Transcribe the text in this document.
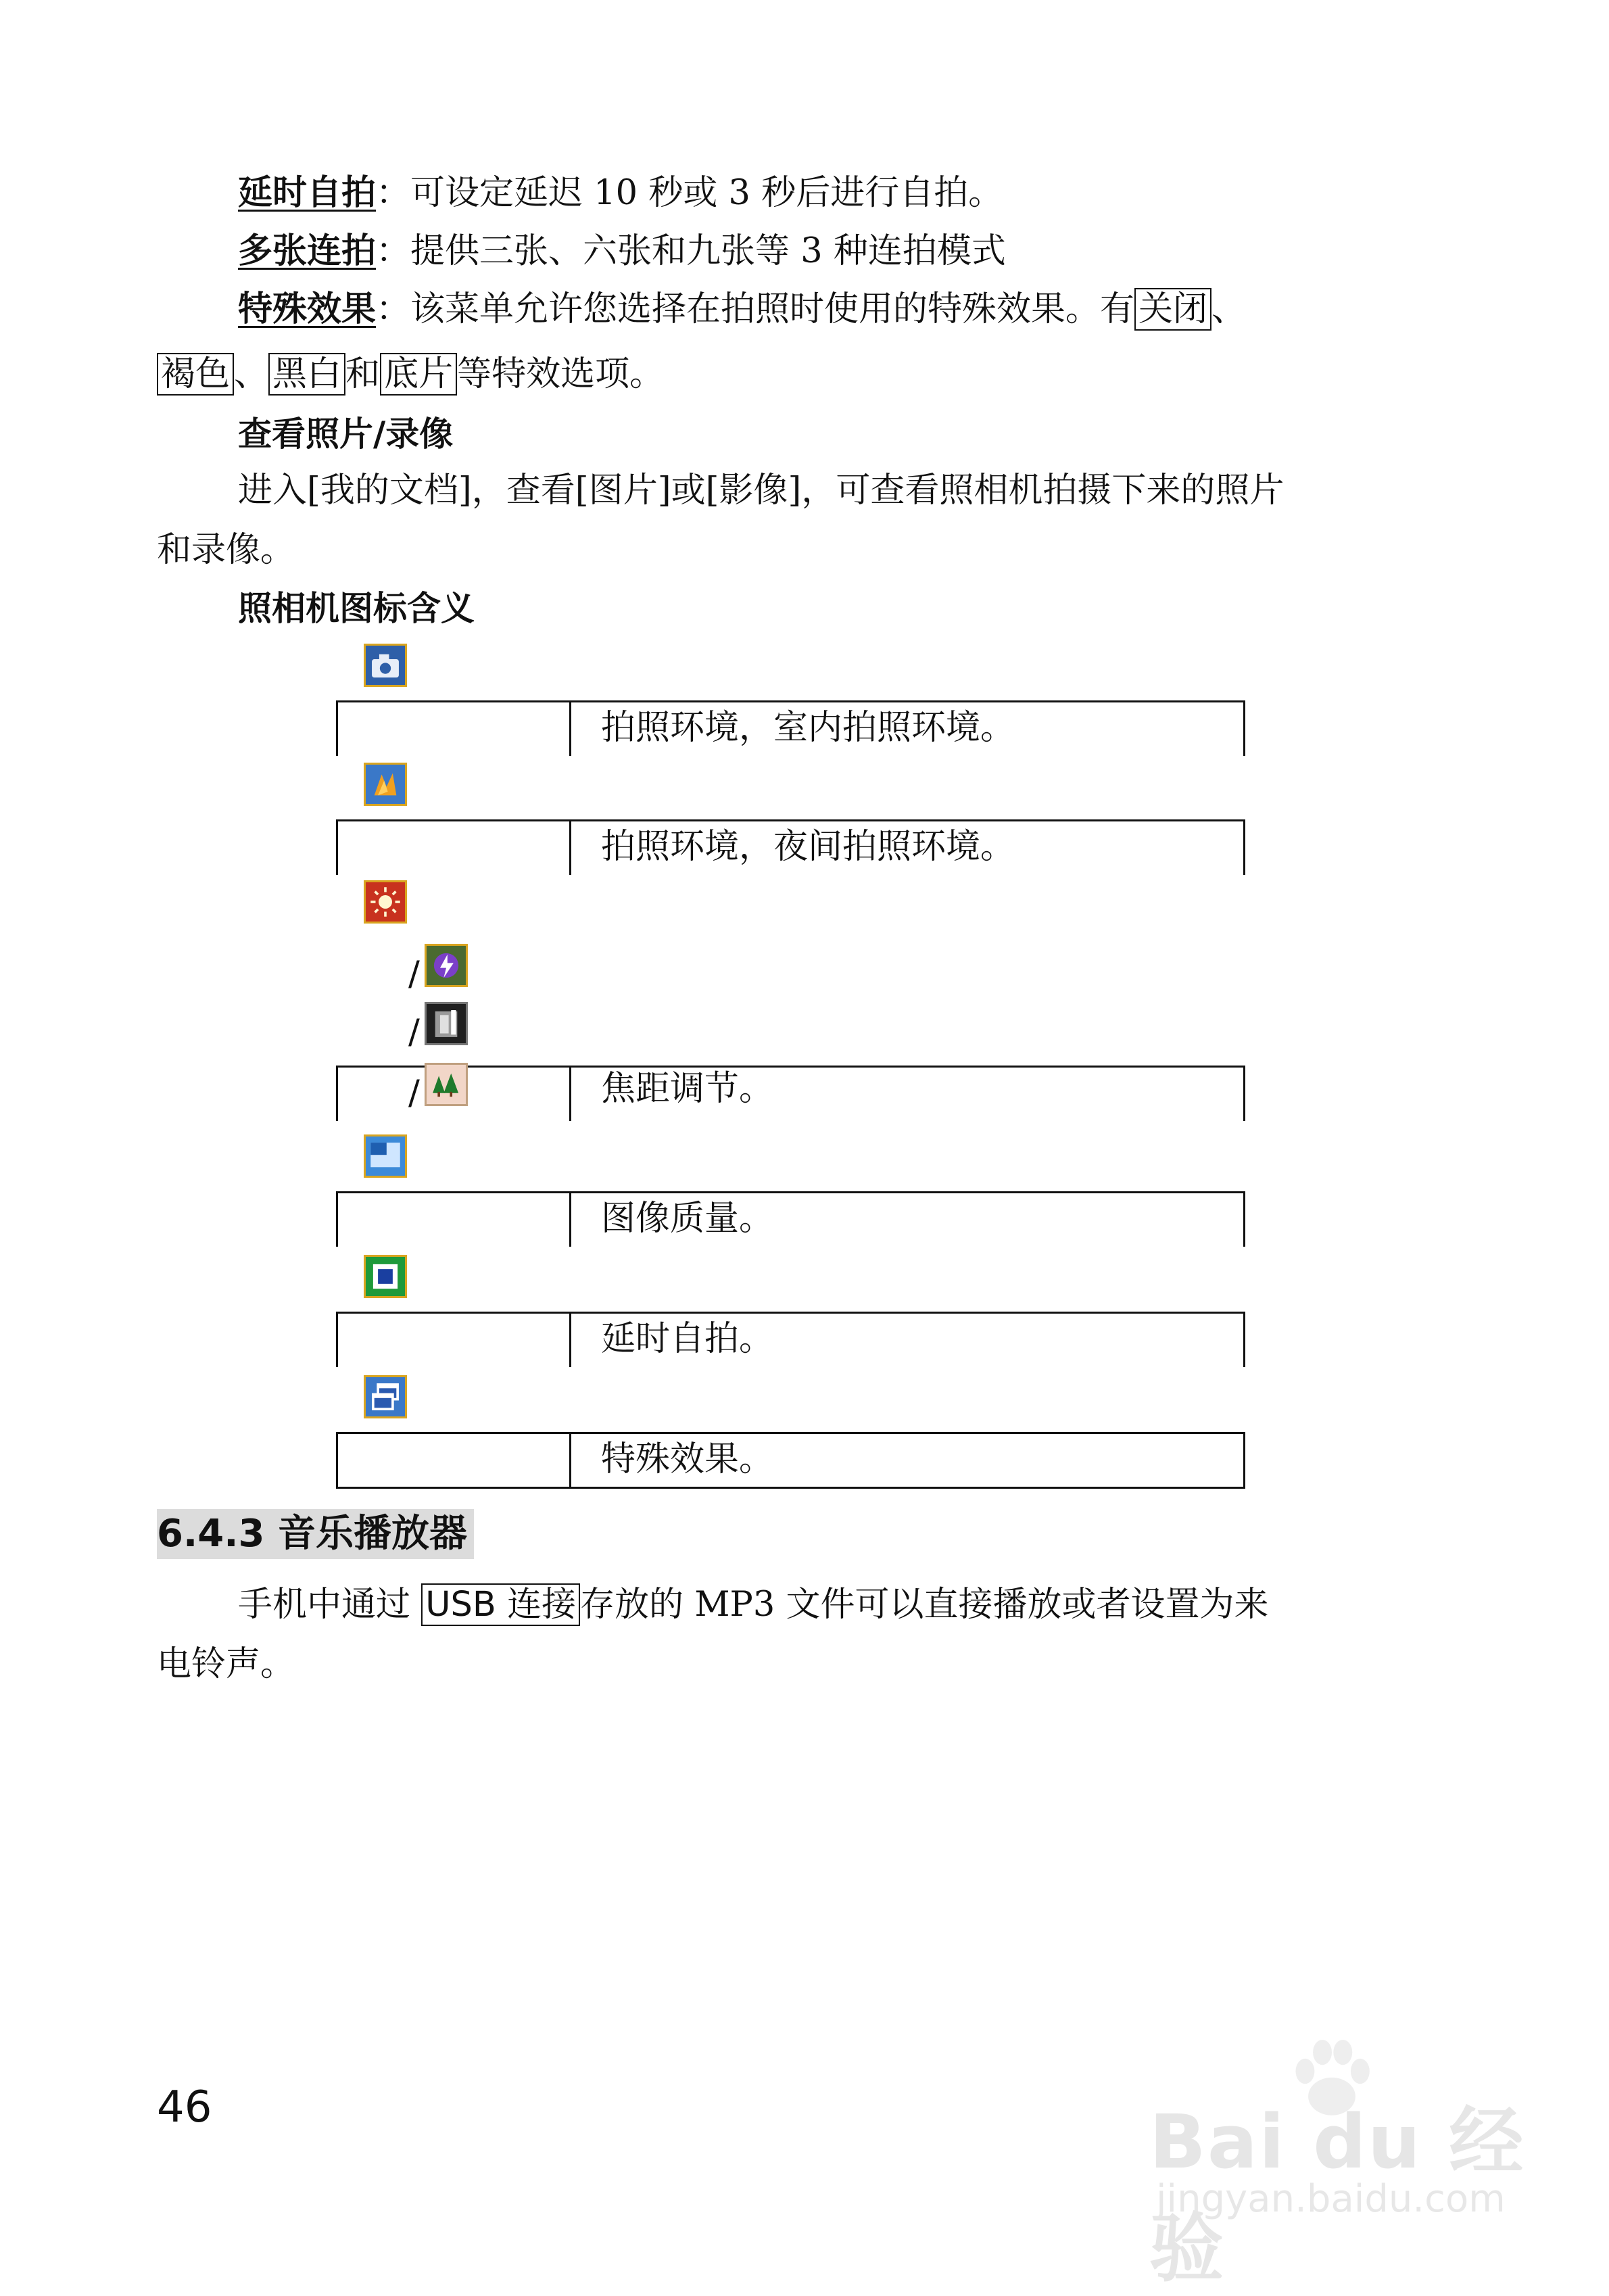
延时自拍：可设定延迟 10 秒或 3 秒后进行自拍。
多张连拍：提供三张、六张和九张等 3 种连拍模式
特殊效果：该菜单允许您选择在拍照时使用的特殊效果。有 关闭 、
褐色 、 黑白 和 底片 等特效选项。
查看照片/录像
进入[我的文档]，查看[图片]或[影像]，可查看照相机拍摄下来的照片
和录像。
照相机图标含义
拍照环境，室内拍照环境。
拍照环境，夜间拍照环境。
/
/
焦距调节。
/
图像质量。
延时自拍。
特殊效果。
6.4.3 音乐播放器
手机中通过 USB 连接 存放的 MP3 文件可以直接播放或者设置为来
电铃声。
46	Bai du 经验
jingyan.baidu.com
